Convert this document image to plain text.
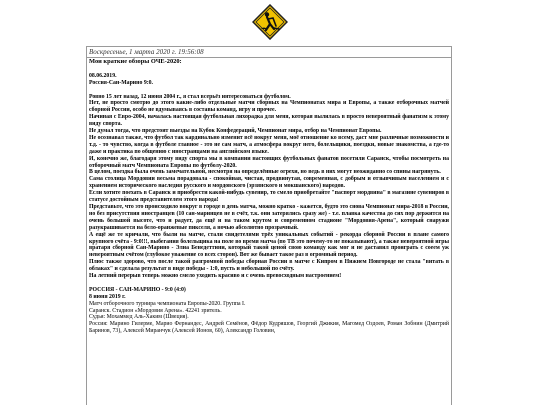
Воскресенье, 1 марта 2020 г. 19:56:08

Мои краткие обзоры ОЧЕ-2020:

08.06.2019.

Россия-Сан-Марино 9:0.

Ровно 15 лет назад, 12 июня 2004 г., я стал всерьёз интересоваться футболом.

Нет, не просто смотрю до этого какие-либо отдельные матчи сборных на Чемпионатах мира и Европы, а также отборочных матчей сборной России, особо не вдумываясь в составы команд, игру и прочее.

Начиная с Евро-2004, началась настоящая футбольная лихорадка для меня, которая вылилась в просто невероятный фанатизм к этому виду спорта.

Не думал тогда, что предстоит выезды на Кубок Конфедераций, Чемпионат мира, отбор на Чемпионат Европы.

Не осознавал также, что футбол так кардинально изменит всё вокруг меня, моё отношение ко всему, даст мне различные возможности и т.д. - то чувство, когда в футболе главное - это не сам матч, а атмосфера вокруг него, болельщики, поездки, новые знакомства, а где-то даже и практика по общению с иностранцами на английском языке.

И, конечно же, благодаря этому виду спорта мы в компании настоящих футбольных фанатов посетили Саранск, чтобы посмотреть на отборочный матч Чемпионата Европы по футболу-2020.

В целом, поездка была очень замечательной, несмотря на определённые огрехи, но ведь в них могут неожиданно со спины нагрянуть.

Сама столица Мордовии весьма порадовала - спокойная, чистая, продвинутая, современная, с добрым и отзывчивым населением и с хранением исторического наследия русского и мордовского (эрзянского и мокшанского) народов.

Если хотите поехать в Саранск и приобрести какой-нибудь сувенир, то смело приобретайте "паспорт мордвина" в магазине сувениров в статусе достойным представителем этого народа!

Представьте, что это происходило вокруг в городе в день матча, можно кратко - кажется, будто это снова Чемпионат мира-2018 в России, но без присутствия иностранцев (10 сан-маринцев не в счёт, т.к. они затерялись сразу же) - т.е. плавка качества до сих пор держится на очень большой высоте, что и радует, да ещё и на таком крутом и современном стадионе "Мордовия-Арена", который снаружи разукрашивается на бело-оранжевые пикселя, а ночью абсолютно прозрачный.

А ещё же те кричали, что были на матче, стали свидетелями трёх уникальных событий - рекорда сборной России в плане самого крупного счёта - 9:0!!!, выбегания болельщика на поле во время матча (по ТВ это почему-то не показывают), а также невероятной игры вратаря сборной Сан-Марино - Элиа Бенедеттини, который такой ценой свою команду как мог и не даставил проиграть с соеем уж невероятным счётом (глубокое уважение со всех сторон). Вот же бывает такое раз в огромный период.

Плюс также здорово, что после такой разгромной победы сборная России в матче с Кипром в Нижнем Новгороде не стала "витать в облаках" и сделала результат в виде победы - 1:0, пусть и небольшой по счёту.

На летний перерыв теперь можно смело уходить красиво и с очень превосходным настроением!

РОССИЯ - САН-МАРИНО - 9:0 (4:0)

8 июня 2019 г.

Матч отборочного турнира чемпионата Европы-2020. Группа I.

Саранск. Стадион «Мордовия Арена». 42241 зритель.

Судья: Мохаммед Аль-Хаким (Швеция).

Россия: Марино Гилерме, Марио Фернандес, Андрей Семёнов, Фёдор Кудряшов, Георгий Джикия, Магомед Оздоев, Роман Зобнин (Дмитрий Баринов, 73), Алексей Миранчук (Алексей Ионов, 60), Александр Головин,
